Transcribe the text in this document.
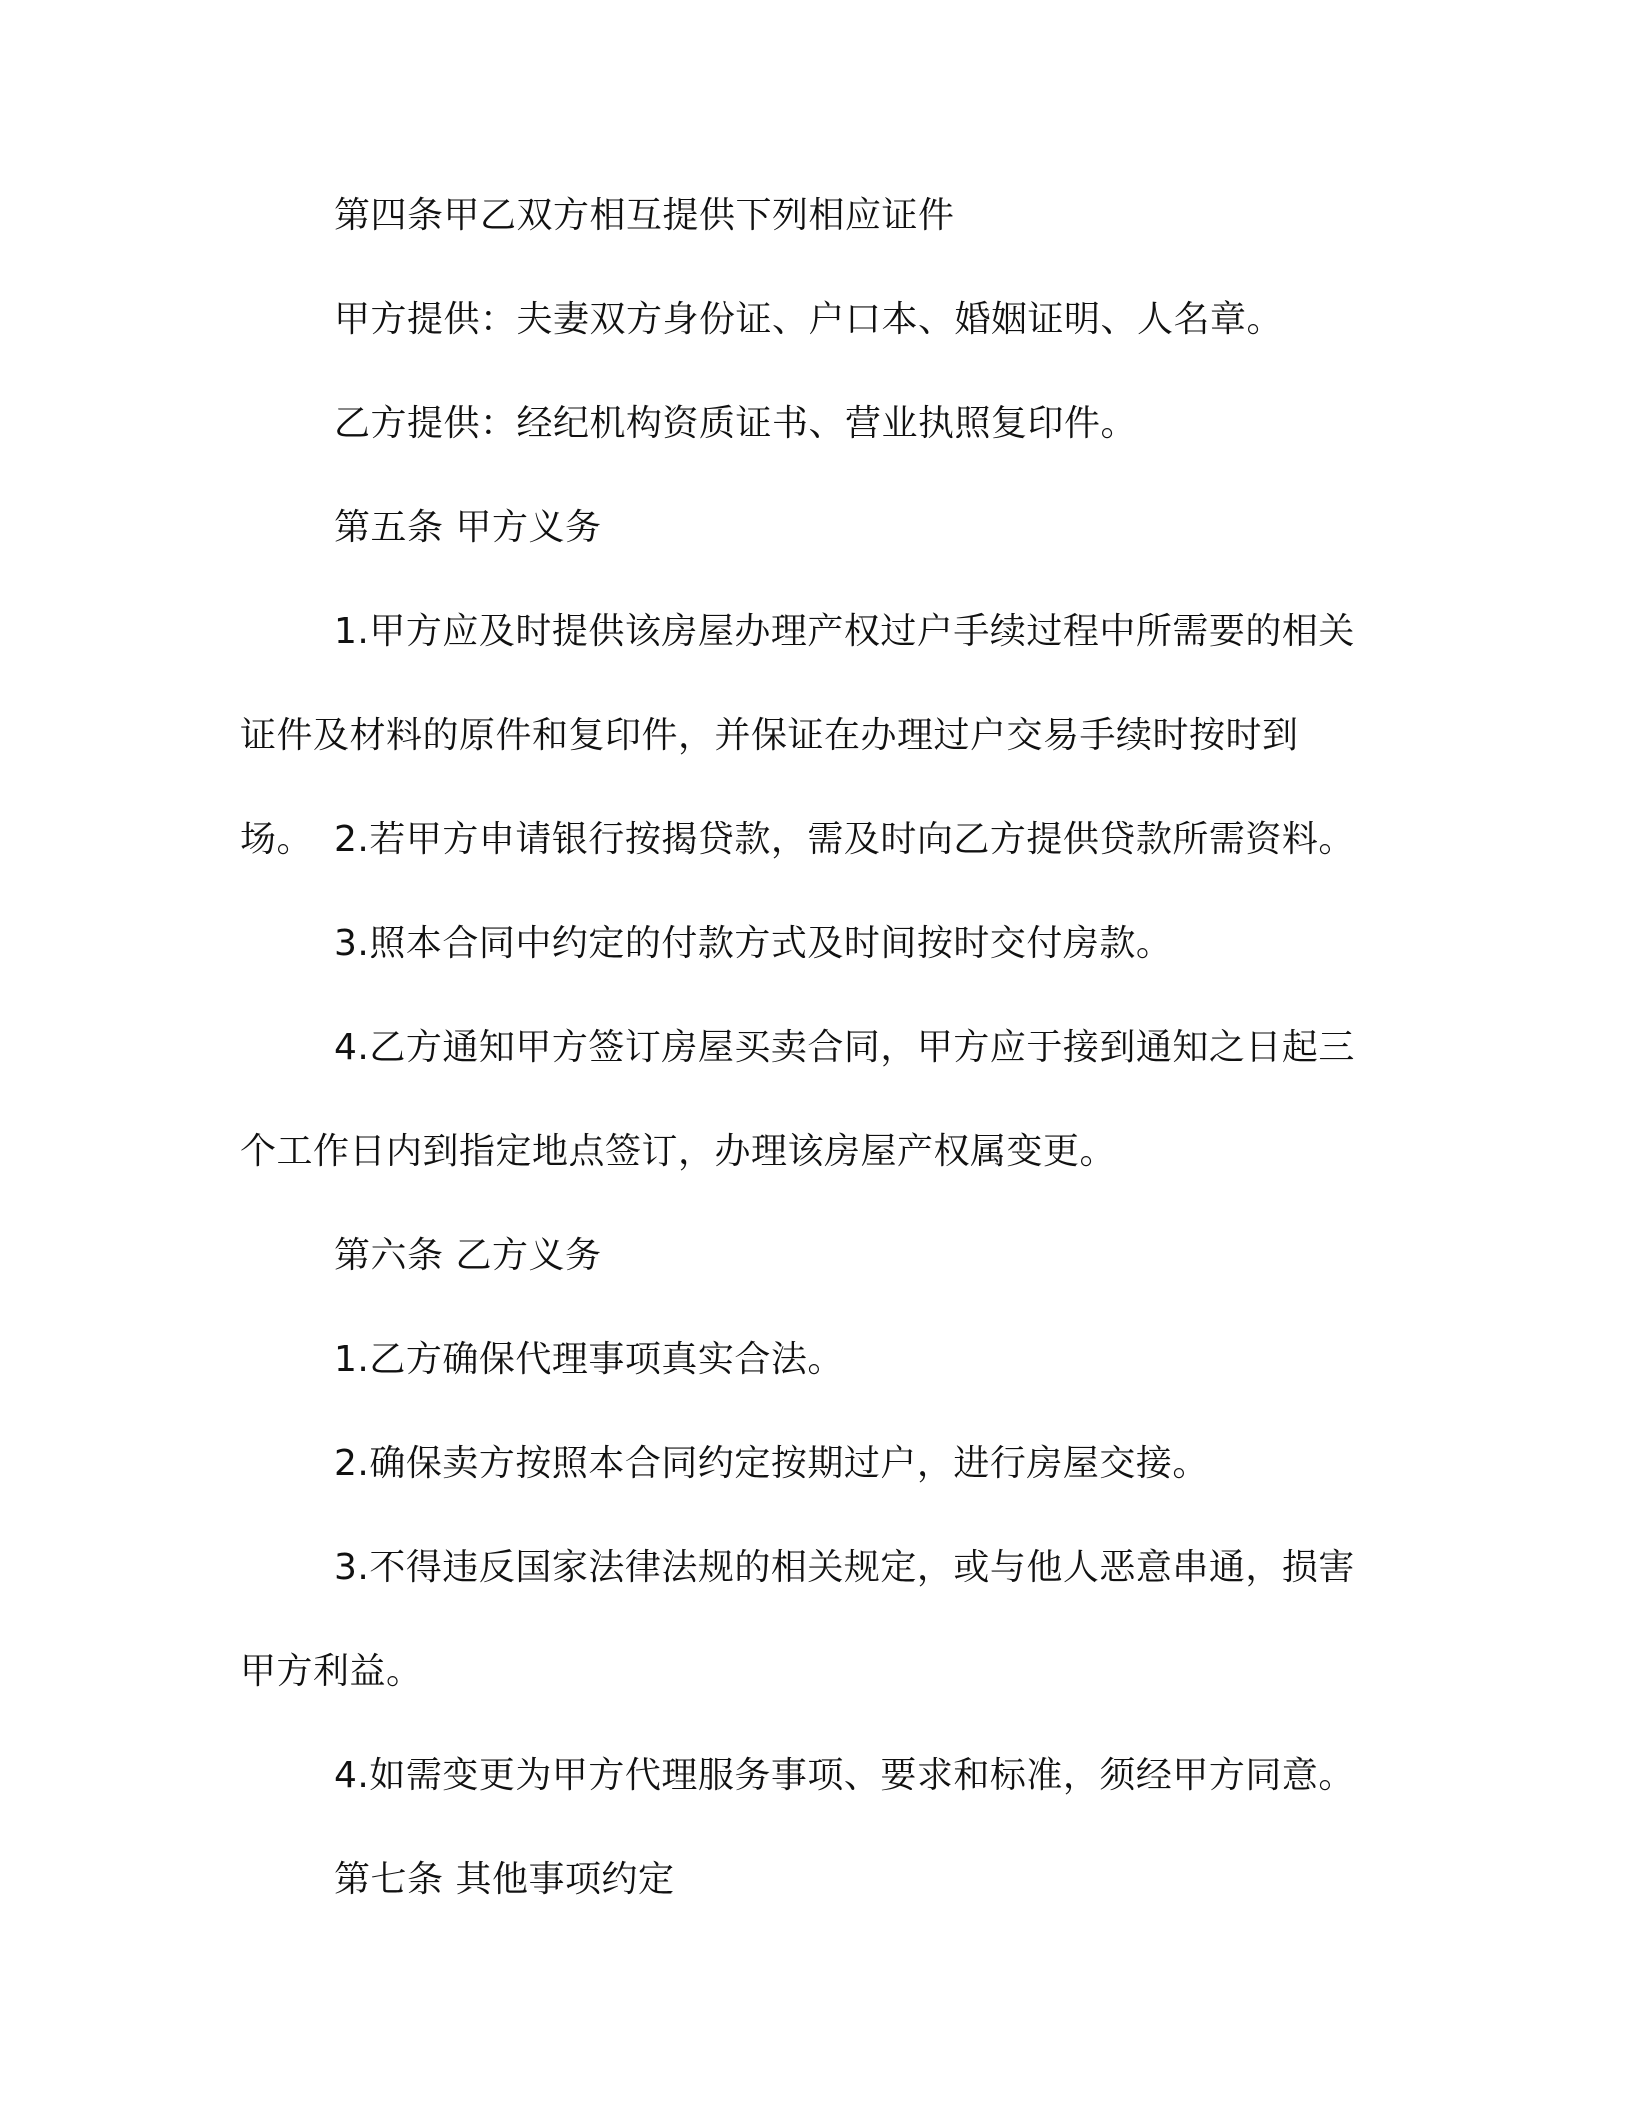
第四条甲乙双方相互提供下列相应证件

甲方提供：夫妻双方身份证、户口本、婚姻证明、人名章。

乙方提供：经纪机构资质证书、营业执照复印件。

第五条 甲方义务

1.甲方应及时提供该房屋办理产权过户手续过程中所需要的相关证件及材料的原件和复印件，并保证在办理过户交易手续时按时到场。 2.若甲方申请银行按揭贷款，需及时向乙方提供贷款所需资料。

3.照本合同中约定的付款方式及时间按时交付房款。

4.乙方通知甲方签订房屋买卖合同，甲方应于接到通知之日起三个工作日内到指定地点签订，办理该房屋产权属变更。

第六条 乙方义务

1.乙方确保代理事项真实合法。

2.确保卖方按照本合同约定按期过户，进行房屋交接。

3.不得违反国家法律法规的相关规定，或与他人恶意串通，损害甲方利益。

4.如需变更为甲方代理服务事项、要求和标准，须经甲方同意。

第七条 其他事项约定
